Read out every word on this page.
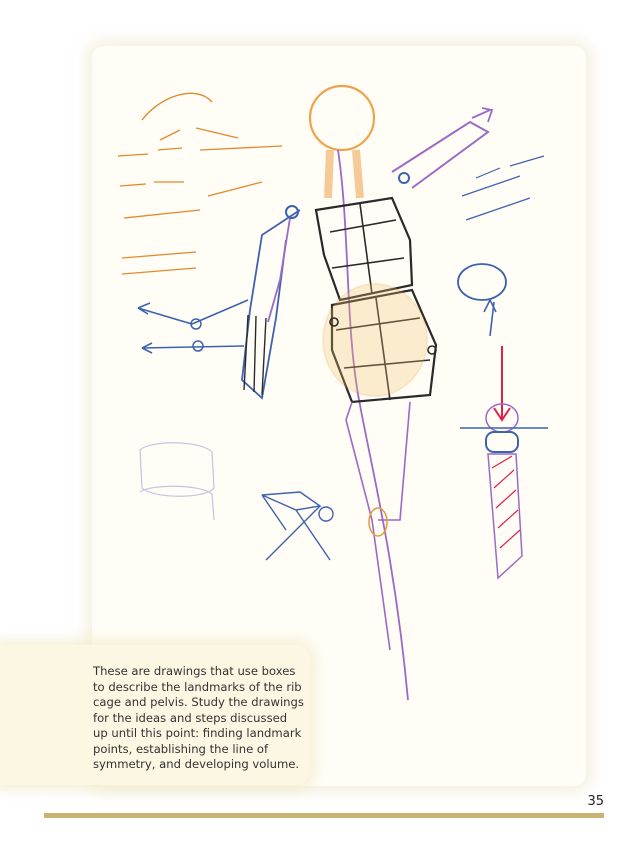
These are drawings that use boxes to describe the landmarks of the rib cage and pelvis. Study the drawings for the ideas and steps discussed up until this point: finding landmark points, establishing the line of symmetry, and developing volume.

35
